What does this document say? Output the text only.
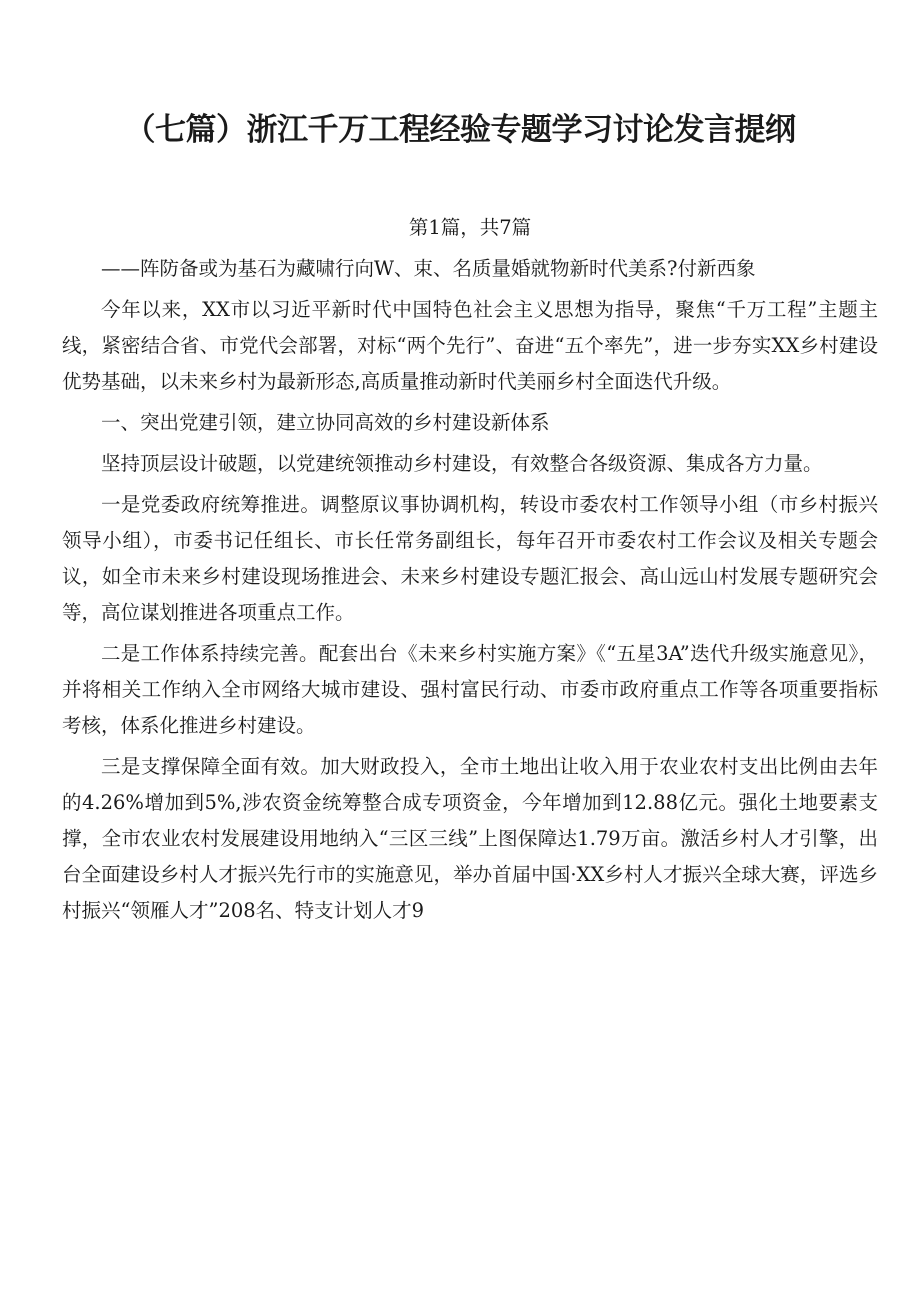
（七篇）浙江千万工程经验专题学习讨论发言提纲

第1篇，共7篇

——阵防备或为基石为藏啸行向W、束、名质量婚就物新时代美系?付新西象

今年以来，XX市以习近平新时代中国特色社会主义思想为指导，聚焦“千万工程”主题主线，紧密结合省、市党代会部署，对标“两个先行”、奋进“五个率先”，进一步夯实XX乡村建设优势基础，以未来乡村为最新形态,高质量推动新时代美丽乡村全面迭代升级。

一、突出党建引领，建立协同高效的乡村建设新体系

坚持顶层设计破题，以党建统领推动乡村建设，有效整合各级资源、集成各方力量。

一是党委政府统筹推进。调整原议事协调机构，转设市委农村工作领导小组（市乡村振兴领导小组），市委书记任组长、市长任常务副组长，每年召开市委农村工作会议及相关专题会议，如全市未来乡村建设现场推进会、未来乡村建设专题汇报会、高山远山村发展专题研究会等，高位谋划推进各项重点工作。

二是工作体系持续完善。配套出台《未来乡村实施方案》《“五星3A”迭代升级实施意见》，并将相关工作纳入全市网络大城市建设、强村富民行动、市委市政府重点工作等各项重要指标考核，体系化推进乡村建设。

三是支撑保障全面有效。加大财政投入，全市土地出让收入用于农业农村支出比例由去年的4.26%增加到5%,涉农资金统筹整合成专项资金，今年增加到12.88亿元。强化土地要素支撑，全市农业农村发展建设用地纳入“三区三线”上图保障达1.79万亩。激活乡村人才引擎，出台全面建设乡村人才振兴先行市的实施意见，举办首届中国·XX乡村人才振兴全球大赛，评选乡村振兴“领雁人才”208名、特支计划人才9
